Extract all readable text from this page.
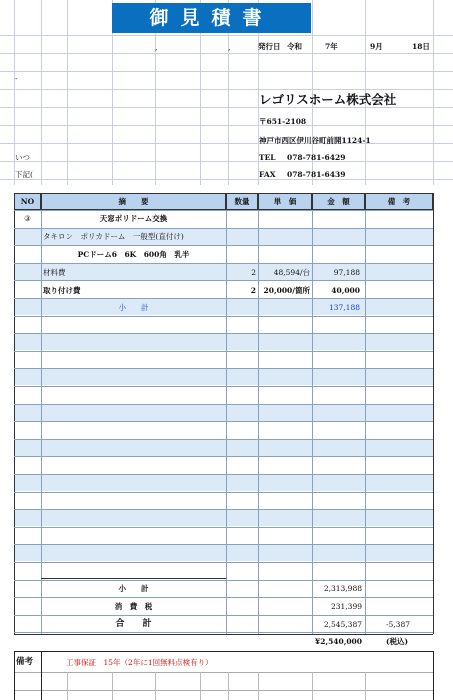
御見積書
,	,	発行日 令和	7年	9月	18日
-
レゴリスホーム株式会社
〒651-2108
神戸市西区伊川谷町前開1124-1
TEL 078-781-6429
FAX 078-781-6439
いつ
下記(
NO	摘　　要	数量	単　価	金　額	備　考
③	天窓ポリドーム交換
タキロン　ポリカドーム　一般型(直付け)
PCドーム6　6K　600角　乳半
材料費	2	48,594/台	97,188
取り付け費	2	20,000/箇所	40,000
小　　計	137,188
小　　計	2,313,988
消　費　税	231,399
合　　計	2,545,387	-5,387
¥2,540,000	(税込)
備考	工事保証　15年（2年に1回無料点検有り）
